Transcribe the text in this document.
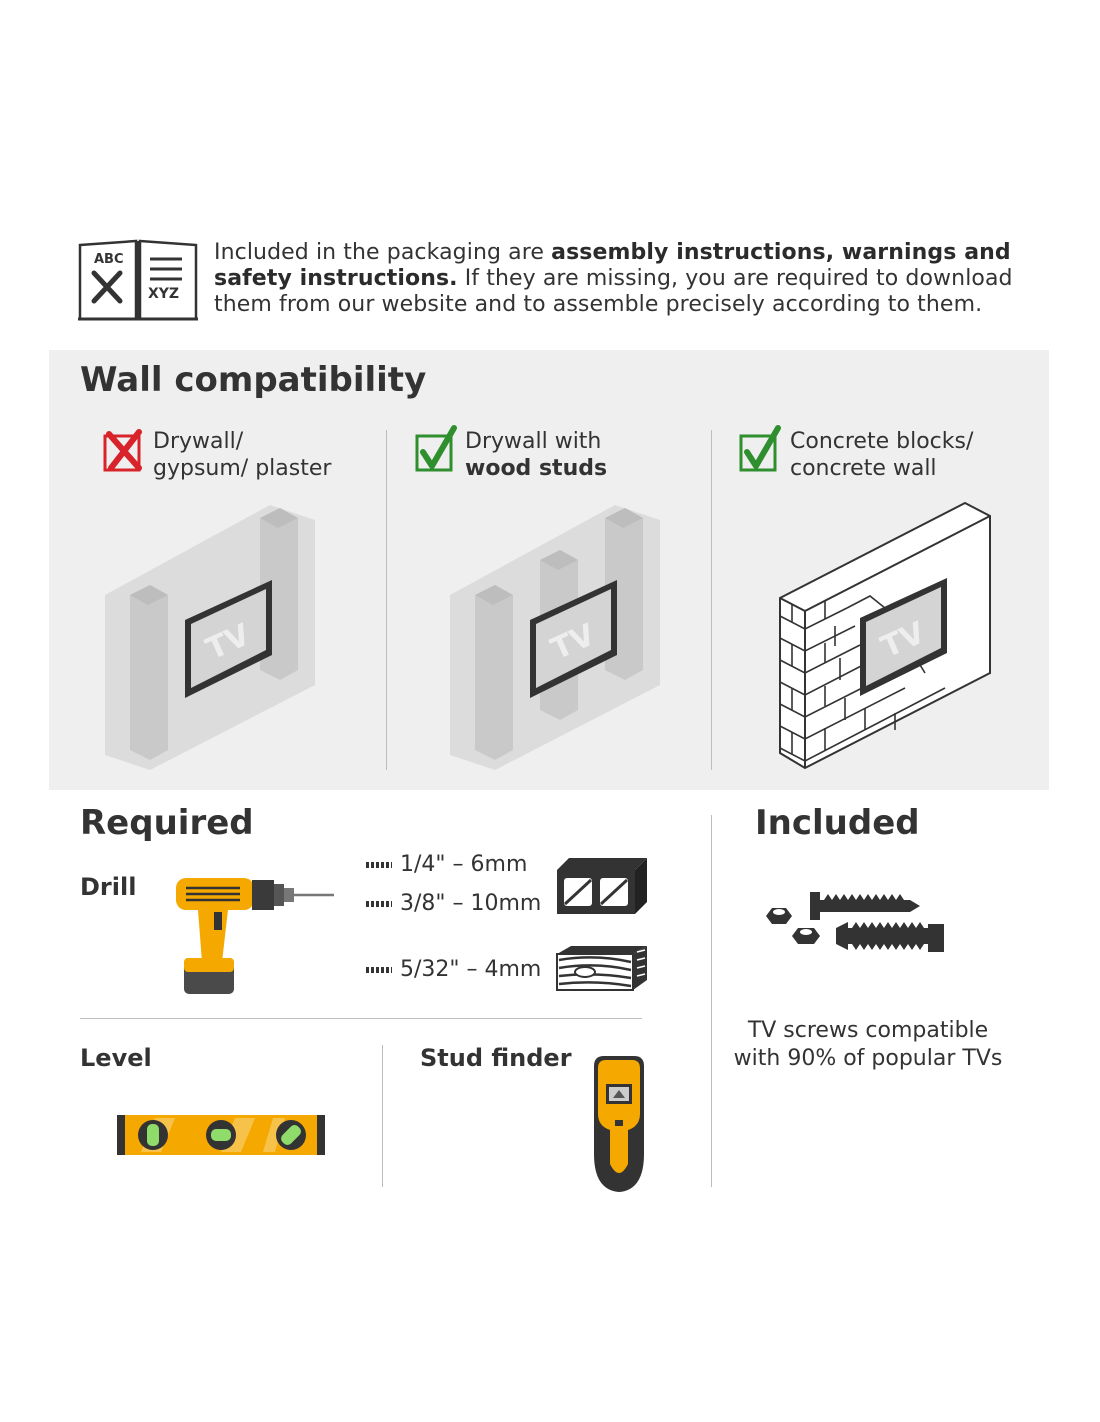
ABC
XYZ
Included in the packaging are assembly instructions, warnings and safety instructions. If they are missing, you are required to download them from our website and to assemble precisely according to them.
Wall compatibility
Drywall/
gypsum/ plaster
TV
Drywall with
wood studs
TV
Concrete blocks/
concrete wall
TV
Required
Drill
1/4" – 6mm
3/8" – 10mm
5/32" – 4mm
Level	Stud finder
Included
TV screws compatible
with 90% of popular TVs
